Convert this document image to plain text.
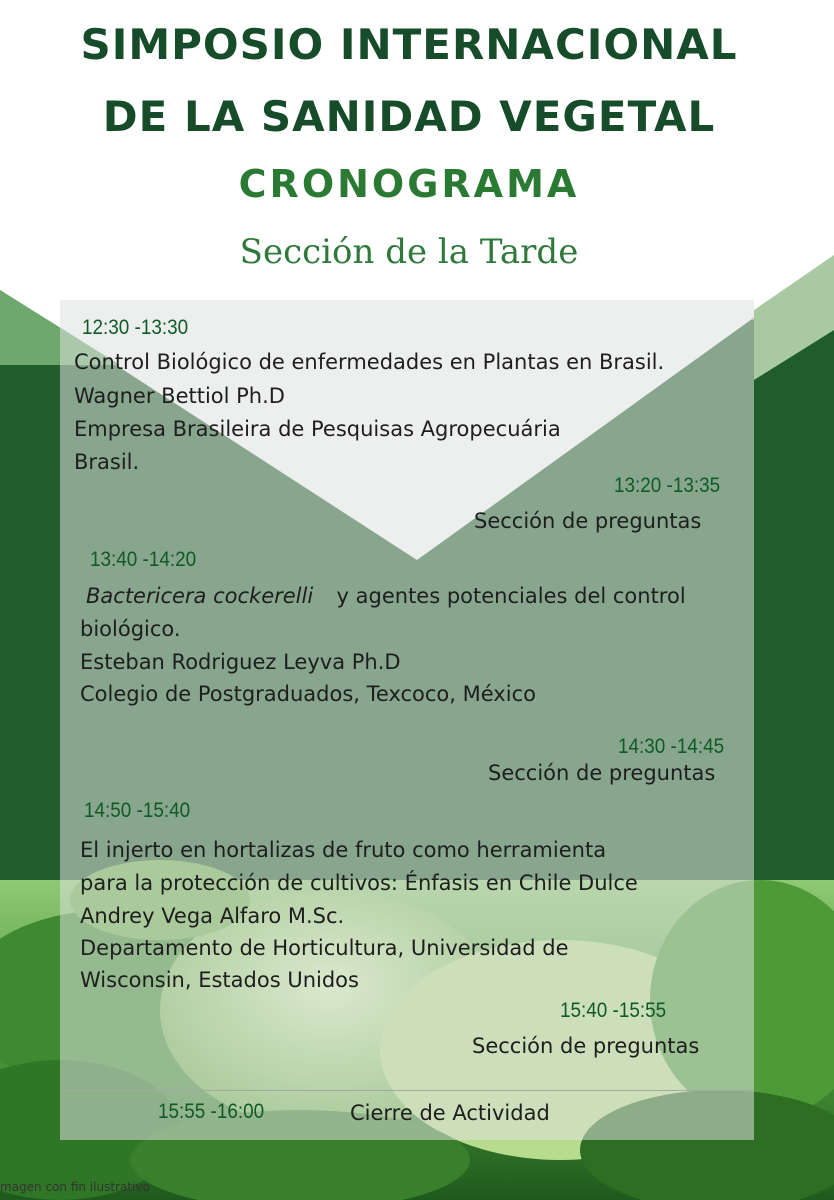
SIMPOSIO INTERNACIONAL
DE LA SANIDAD VEGETAL
CRONOGRAMA
Sección de la Tarde
12:30 -13:30
Control Biológico de enfermedades en Plantas en Brasil.
Wagner Bettiol Ph.D
Empresa Brasileira de Pesquisas Agropecuária
Brasil.
13:20 -13:35
Sección de preguntas
13:40 -14:20
Bactericera cockerelli y agentes potenciales del control
biológico.
Esteban Rodriguez Leyva Ph.D
Colegio de Postgraduados, Texcoco, México
14:30 -14:45
Sección de preguntas
14:50 -15:40
El injerto en hortalizas de fruto como herramienta
para la protección de cultivos: Énfasis en Chile Dulce
Andrey Vega Alfaro M.Sc.
Departamento de Horticultura, Universidad de
Wisconsin, Estados Unidos
15:40 -15:55
Sección de preguntas
15:55 -16:00	Cierre de Actividad
magen con fin ilustrativo
